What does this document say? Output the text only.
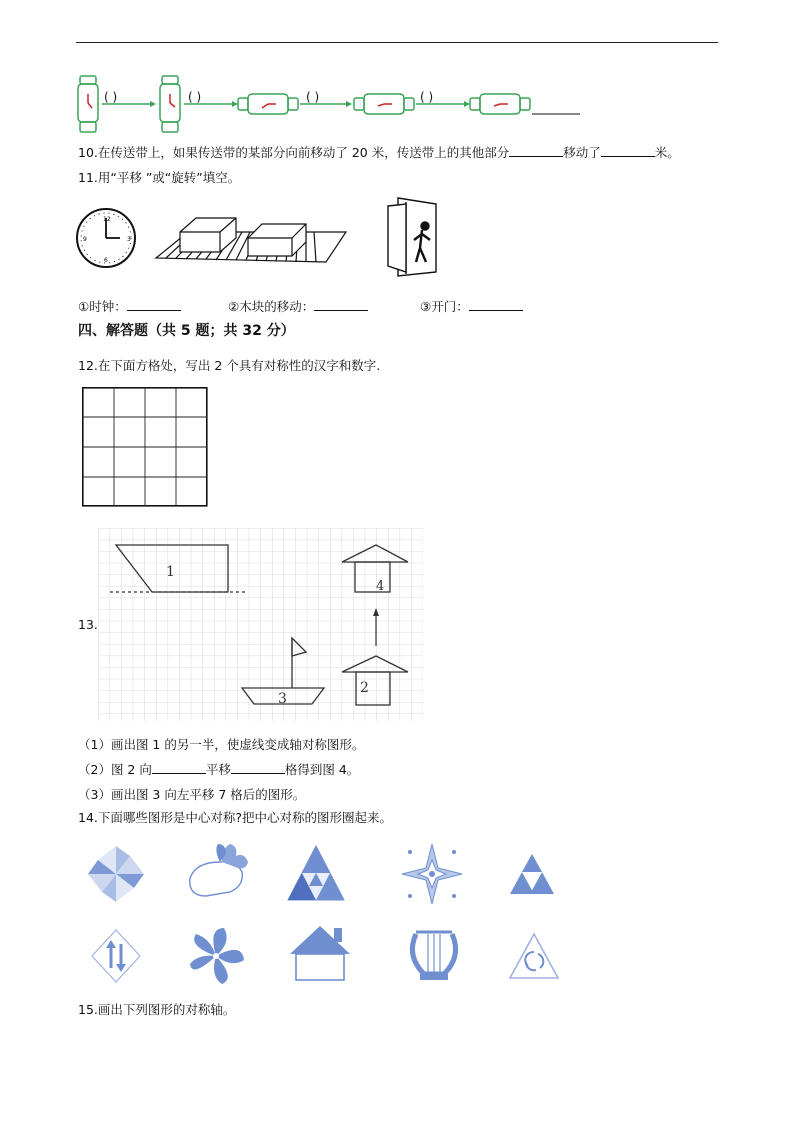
( )	( )	( )	( )
10.在传送带上，如果传送带的某部分向前移动了 20 米，传送带上的其他部分	移动了	米。
11.用“平移 ”或“旋转”填空。
12
3
6
9
①时钟：	②木块的移动：	③开门：
四、解答题（共 5 题；共 32 分）
12.在下面方格处，写出 2 个具有对称性的汉字和数字.
13.
1
4
2
3
（1）画出图 1 的另一半，使虚线变成轴对称图形。
（2）图 2 向	平移	格得到图 4。
（3）画出图 3 向左平移 7 格后的图形。
14.下面哪些图形是中心对称?把中心对称的图形圈起来。
15.画出下列图形的对称轴。
